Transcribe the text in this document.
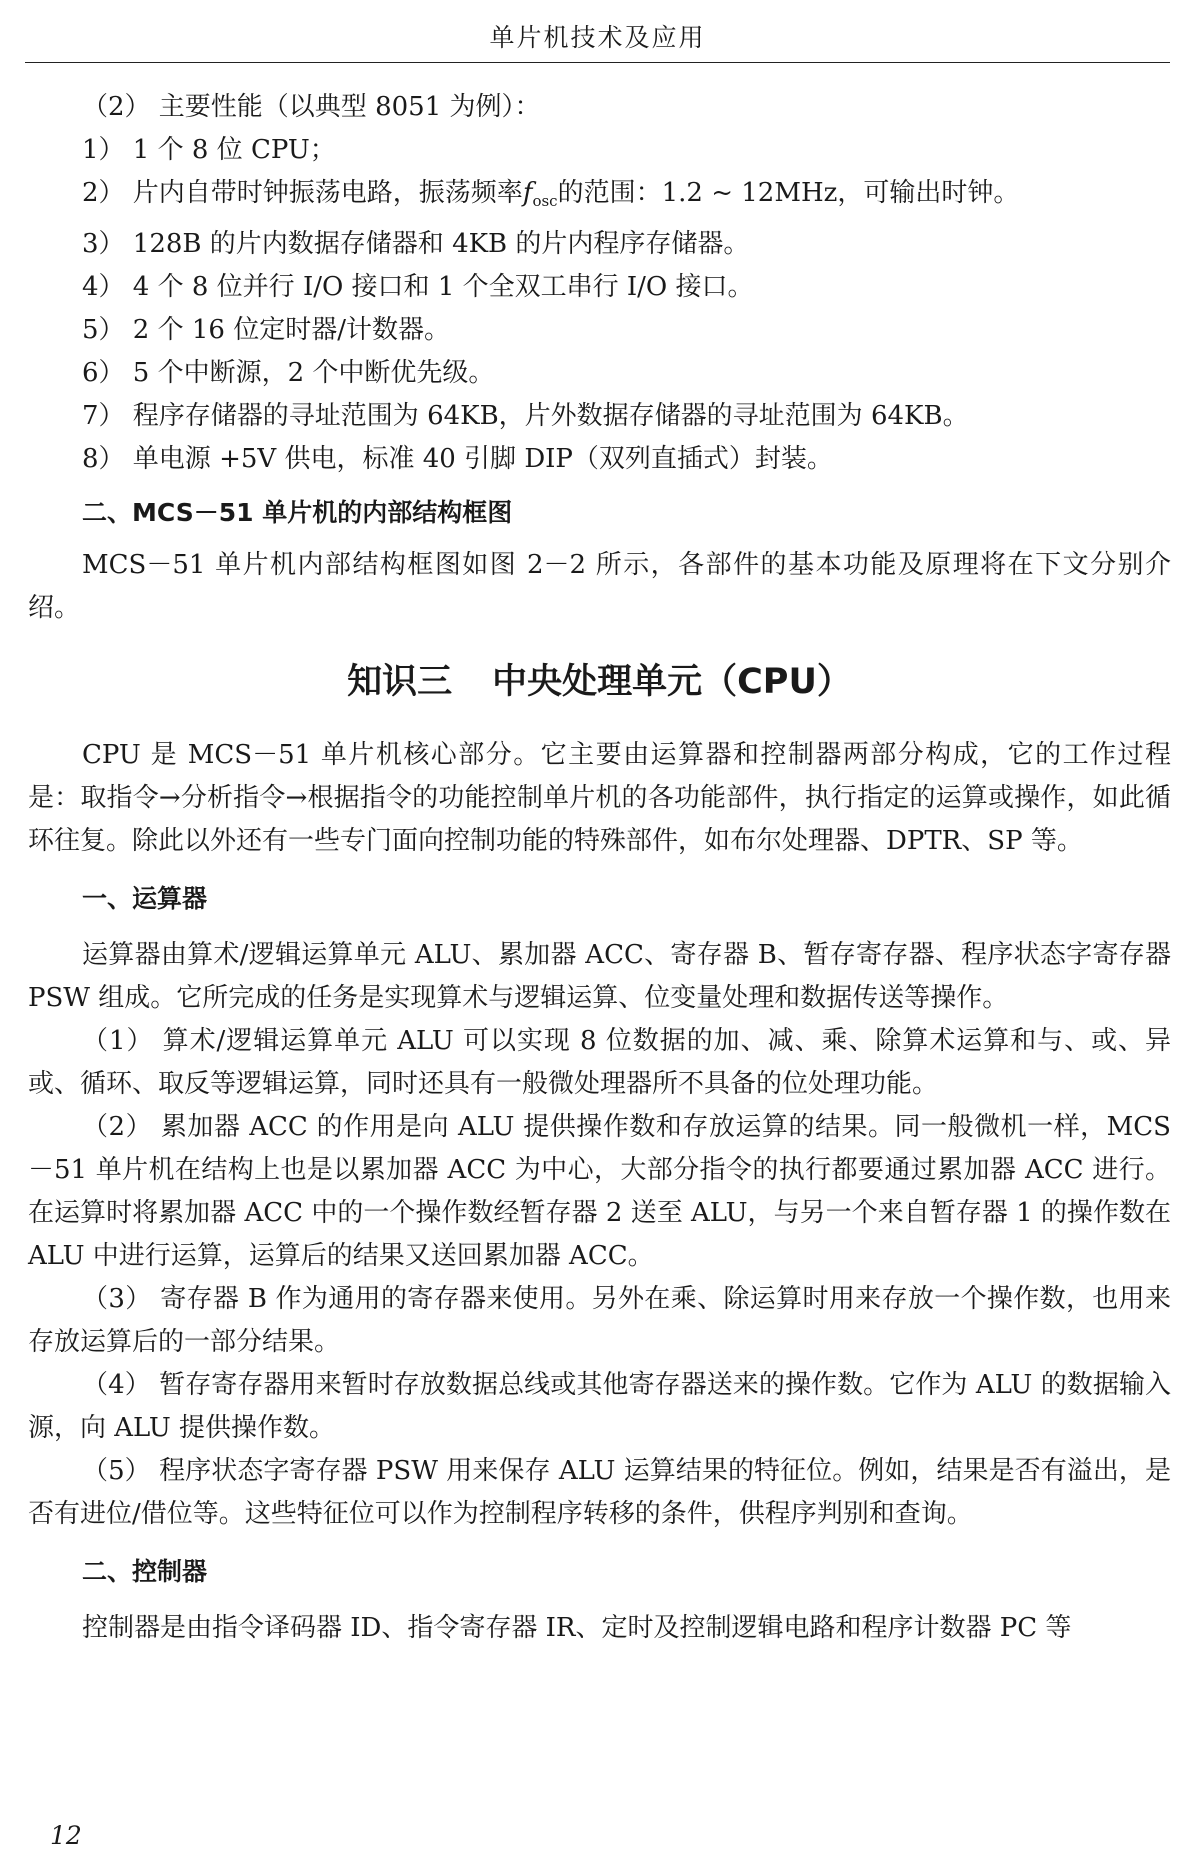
单片机技术及应用
（2） 主要性能（以典型 8051 为例）：
1） 1 个 8 位 CPU；
2） 片内自带时钟振荡电路，振荡频率$f_{osc}$的范围：1.2 ~ 12MHz，可输出时钟。
3） 128B 的片内数据存储器和 4KB 的片内程序存储器。
4） 4 个 8 位并行 I/O 接口和 1 个全双工串行 I/O 接口。
5） 2 个 16 位定时器/计数器。
6） 5 个中断源，2 个中断优先级。
7） 程序存储器的寻址范围为 64KB，片外数据存储器的寻址范围为 64KB。
8） 单电源 +5V 供电，标准 40 引脚 DIP（双列直插式）封装。
二、MCS－51 单片机的内部结构框图

MCS－51 单片机内部结构框图如图 2－2 所示，各部件的基本功能及原理将在下文分别介绍。

知识三 中央处理单元（CPU）

CPU 是 MCS－51 单片机核心部分。它主要由运算器和控制器两部分构成，它的工作过程是：取指令→分析指令→根据指令的功能控制单片机的各功能部件，执行指定的运算或操作，如此循环往复。除此以外还有一些专门面向控制功能的特殊部件，如布尔处理器、DPTR、SP 等。

一、运算器

运算器由算术/逻辑运算单元 ALU、累加器 ACC、寄存器 B、暂存寄存器、程序状态字寄存器 PSW 组成。它所完成的任务是实现算术与逻辑运算、位变量处理和数据传送等操作。

（1） 算术/逻辑运算单元 ALU 可以实现 8 位数据的加、减、乘、除算术运算和与、或、异或、循环、取反等逻辑运算，同时还具有一般微处理器所不具备的位处理功能。

（2） 累加器 ACC 的作用是向 ALU 提供操作数和存放运算的结果。同一般微机一样，MCS－51 单片机在结构上也是以累加器 ACC 为中心，大部分指令的执行都要通过累加器 ACC 进行。在运算时将累加器 ACC 中的一个操作数经暂存器 2 送至 ALU，与另一个来自暂存器 1 的操作数在 ALU 中进行运算，运算后的结果又送回累加器 ACC。

（3） 寄存器 B 作为通用的寄存器来使用。另外在乘、除运算时用来存放一个操作数，也用来存放运算后的一部分结果。

（4） 暂存寄存器用来暂时存放数据总线或其他寄存器送来的操作数。它作为 ALU 的数据输入源，向 ALU 提供操作数。

（5） 程序状态字寄存器 PSW 用来保存 ALU 运算结果的特征位。例如，结果是否有溢出，是否有进位/借位等。这些特征位可以作为控制程序转移的条件，供程序判别和查询。

二、控制器

控制器是由指令译码器 ID、指令寄存器 IR、定时及控制逻辑电路和程序计数器 PC 等

12
